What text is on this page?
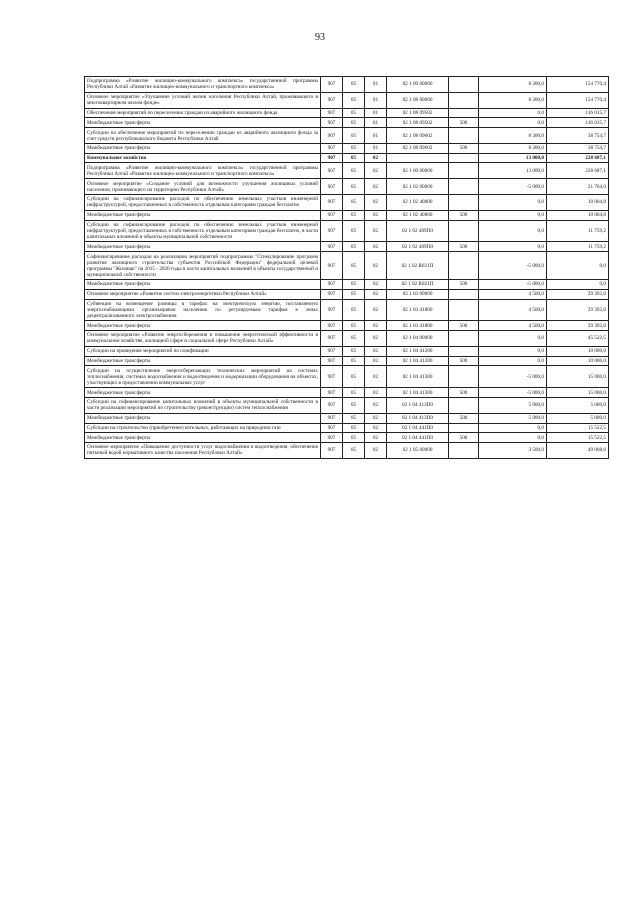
93
Подпрограмма «Развитие жилищно-коммунального комплекса» государственной программы Республики Алтай «Развитие жилищно-коммунального и транспортного комплекса»	907	05	01	02 1 00 00000		8 300,0	154 770,4
Основное мероприятие «Улучшение условий жизни населения Республики Алтай, проживающего в многоквартирном жилом фонде»	907	05	01	02 1 08 00000		8 300,0	154 770,4
Обеспечение мероприятий по переселению граждан из аварийного жилищного фонда	907	05	01	02 1 08 09502		0,0	116 015,7
Межбюджетные трансферты	907	05	01	02 1 08 09502	500	0,0	116 015,7
Субсидии на обеспечение мероприятий по переселению граждан из аварийного жилищного фонда за счет средств республиканского бюджета Республики Алтай	907	05	01	02 1 08 09602		8 300,0	38 754,7
Межбюджетные трансферты	907	05	01	02 1 08 09602	500	8 300,0	38 754,7
Коммунальное хозяйство	907	05	02			13 000,0	228 687,1
Подпрограмма «Развитие жилищно-коммунального комплекса» государственной программы Республики Алтай «Развитие жилищно-коммунального и транспортного комплекса»	907	05	02	02 1 00 00000		13 000,0	228 687,1
Основное мероприятие «Создание условий для возможности улучшения жилищных условий населения, проживающего на территории Республики Алтай»	907	05	02	02 1 02 00000		-5 000,0	21 764,0
Субсидии на софинансирование расходов по обеспечению земельных участков инженерной инфраструктурой, предоставленных в собственность отдельным категориям граждан бесплатно	907	05	02	02 1 02 40800		0,0	10 004,8
Межбюджетные трансферты	907	05	02	02 1 02 40800	500	0,0	10 004,8
Субсидии на софинансирование расходов по обеспечению земельных участков инженерной инфраструктурой, предоставленных в собственность отдельным категориям граждан бесплатно, в части капитальных вложений в объекты муниципальной собственности	907	05	02	02 1 02 409П0		0,0	11 759,2
Межбюджетные трансферты	907	05	02	02 1 02 409П0	500	0,0	11 759,2
Софинансирование расходов на реализацию мероприятий подпрограммы "Стимулирование программ развития жилищного строительства субъектов Российской Федерации" федеральной целевой программы "Жилище" на 2015 - 2020 годы в части капитальных вложений в объекты государственной и муниципальной собственности	907	05	02	02 1 02 R021П		-5 000,0	0,0
Межбюджетные трансферты	907	05	02	02 1 02 R021П	500	-5 000,0	0,0
Основное мероприятие «Развитие систем электроэнергетики Республики Алтай»	907	05	02	02 1 03 00000		4 500,0	29 392,0
Субвенция на возмещение разницы в тарифах на электрическую энергию, поставляемую энергоснабжающими организациями населению по регулируемым тарифам в зонах децентрализованного электроснабжения	907	05	02	02 1 03 41800		4 500,0	29 392,0
Межбюджетные трансферты	907	05	02	02 1 03 41800	500	4 500,0	29 392,0
Основное мероприятие «Развитие энергосбережения и повышение энергетической эффективности в коммунальном хозяйстве, жилищной сфере и социальной сфере Республики Алтай»	907	05	02	02 1 04 00000		0,0	45 522,5
Субсидии на проведение мероприятий по газификации	907	05	02	02 1 04 41200		0,0	10 000,0
Межбюджетные трансферты	907	05	02	02 1 04 41200	500	0,0	10 000,0
Субсидии на осуществление энергосберегающих технических мероприятий на системах теплоснабжения, системах водоснабжения и водоотведения и модернизации оборудования на объектах, участвующих в предоставлении коммунальных услуг	907	05	02	02 1 04 41300		-5 000,0	15 000,0
Межбюджетные трансферты	907	05	02	02 1 04 41300	500	-5 000,0	15 000,0
Субсидии на софинансирование капитальных вложений в объекты муниципальной собственности в части реализации мероприятий по строительству (реконструкции) систем теплоснабжения	907	05	02	02 1 04 413П0		5 000,0	5 000,0
Межбюджетные трансферты	907	05	02	02 1 04 413П0	500	5 000,0	5 000,0
Субсидии на строительство (приобретение) котельных, работающих на природном газе	907	05	02	02 1 04 441П0		0,0	15 522,5
Межбюджетные трансферты	907	05	02	02 1 04 441П0	500	0,0	15 522,5
Основное мероприятие «Повышение доступности услуг водоснабжения и водоотведения, обеспечение питьевой водой нормативного качества населения Республики Алтай»	907	05	02	02 1 05 00000		3 500,0	49 008,6
